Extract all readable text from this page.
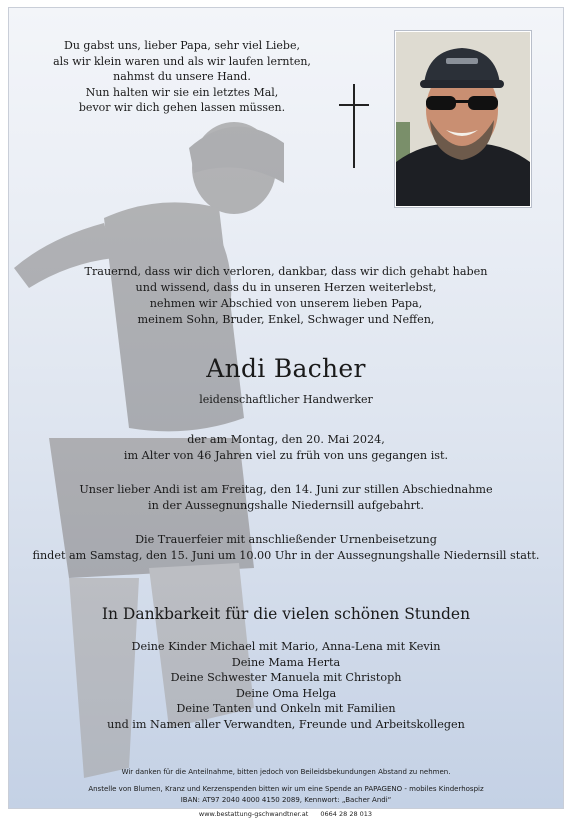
Du gabst uns, lieber Papa, sehr viel Liebe,
als wir klein waren und als wir laufen lernten,
nahmst du unsere Hand.
Nun halten wir sie ein letztes Mal,
bevor wir dich gehen lassen müssen.
Trauernd, dass wir dich verloren, dankbar, dass wir dich gehabt haben
und wissend, dass du in unseren Herzen weiterlebst,
nehmen wir Abschied von unserem lieben Papa,
meinem Sohn, Bruder, Enkel, Schwager und Neffen,
Andi Bacher
leidenschaftlicher Handwerker
der am Montag, den 20. Mai 2024,
im Alter von 46 Jahren viel zu früh von uns gegangen ist.
Unser lieber Andi ist am Freitag, den 14. Juni zur stillen Abschiednahme
in der Aussegnungshalle Niedernsill aufgebahrt.
Die Trauerfeier mit anschließender Urnenbeisetzung
findet am Samstag, den 15. Juni um 10.00 Uhr in der Aussegnungshalle Niedernsill statt.
In Dankbarkeit für die vielen schönen Stunden
Deine Kinder Michael mit Mario, Anna-Lena mit Kevin
Deine Mama Herta
Deine Schwester Manuela mit Christoph
Deine Oma Helga
Deine Tanten und Onkeln mit Familien
und im Namen aller Verwandten, Freunde und Arbeitskollegen
Wir danken für die Anteilnahme, bitten jedoch von Beileidsbekundungen Abstand zu nehmen.
Anstelle von Blumen, Kranz und Kerzenspenden bitten wir um eine Spende an PAPAGENO - mobiles Kinderhospiz
IBAN: AT97 2040 4000 4150 2089, Kennwort: „Bacher Andi“
www.bestattung-gschwandtner.at 0664 28 28 013
